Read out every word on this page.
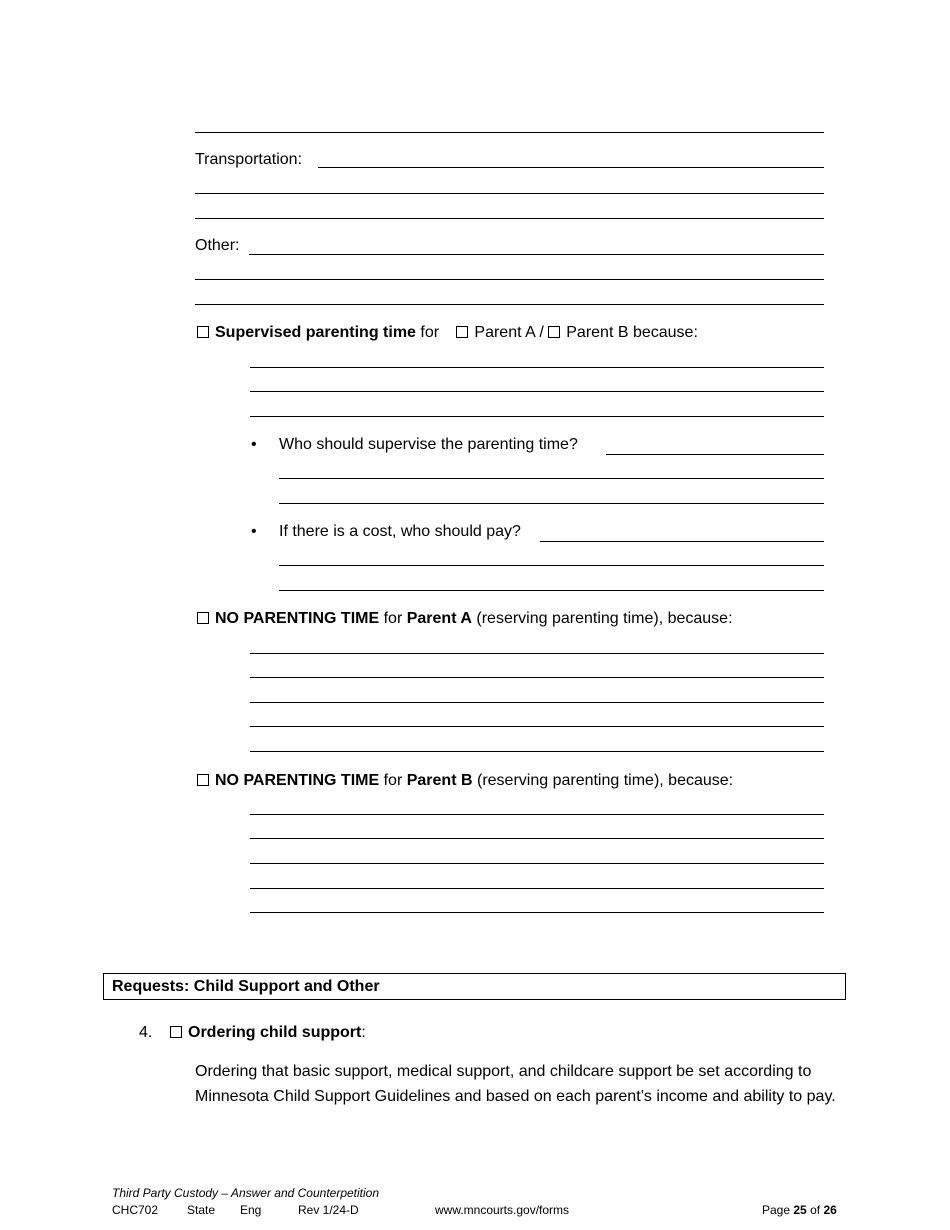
Transportation:
Other:
Supervised parenting time for Parent A / Parent B because:
• Who should supervise the parenting time?
• If there is a cost, who should pay?
NO PARENTING TIME for Parent A (reserving parenting time), because:
NO PARENTING TIME for Parent B (reserving parenting time), because:
Requests: Child Support and Other
4.	Ordering child support:
Ordering that basic support, medical support, and childcare support be set according to Minnesota Child Support Guidelines and based on each parent’s income and ability to pay.
Third Party Custody – Answer and Counterpetition
CHC702 State Eng	Rev 1/24-D	www.mncourts.gov/forms	Page 25 of 26
